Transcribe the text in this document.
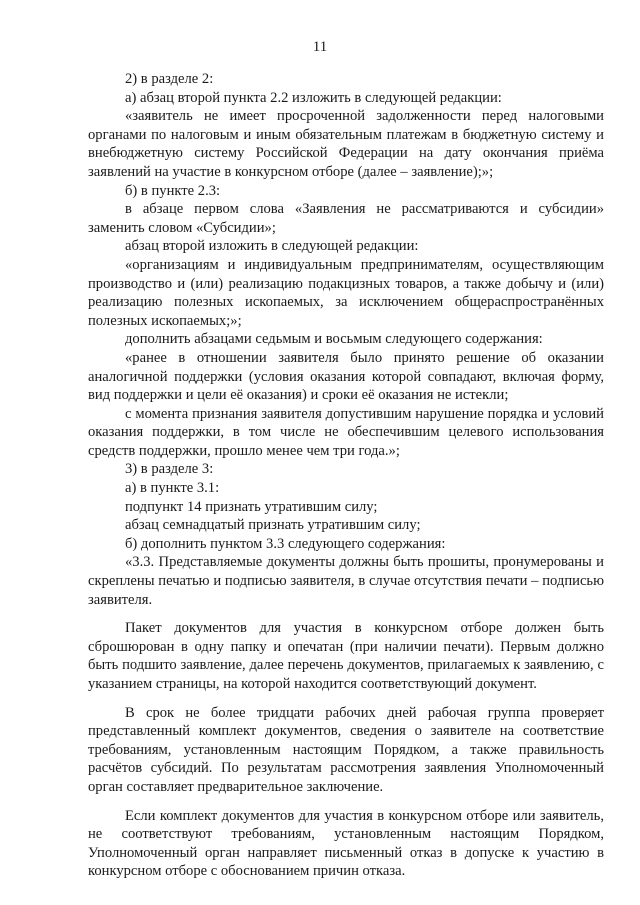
11

2) в разделе 2:

а) абзац второй пункта 2.2 изложить в следующей редакции:

«заявитель не имеет просроченной задолженности перед налоговыми органами по налоговым и иным обязательным платежам в бюджетную систему и внебюджетную систему Российской Федерации на дату окончания приёма заявлений на участие в конкурсном отборе (далее – заявление);»;

б) в пункте 2.3:

в абзаце первом слова «Заявления не рассматриваются и субсидии» заменить словом «Субсидии»;

абзац второй изложить в следующей редакции:

«организациям и индивидуальным предпринимателям, осуществляющим производство и (или) реализацию подакцизных товаров, а также добычу и (или) реализацию полезных ископаемых, за исключением общераспространённых полезных ископаемых;»;

дополнить абзацами седьмым и восьмым следующего содержания:

«ранее в отношении заявителя было принято решение об оказании аналогичной поддержки (условия оказания которой совпадают, включая форму, вид поддержки и цели её оказания) и сроки её оказания не истекли;

с момента признания заявителя допустившим нарушение порядка и условий оказания поддержки, в том числе не обеспечившим целевого использования средств поддержки, прошло менее чем три года.»;

3) в разделе 3:

а) в пункте 3.1:

подпункт 14 признать утратившим силу;

абзац семнадцатый признать утратившим силу;

б) дополнить пунктом 3.3 следующего содержания:

«3.3. Представляемые документы должны быть прошиты, пронумерованы и скреплены печатью и подписью заявителя, в случае отсутствия печати – подписью заявителя.

Пакет документов для участия в конкурсном отборе должен быть сброшюрован в одну папку и опечатан (при наличии печати). Первым должно быть подшито заявление, далее перечень документов, прилагаемых к заявлению, с указанием страницы, на которой находится соответствующий документ.

В срок не более тридцати рабочих дней рабочая группа проверяет представленный комплект документов, сведения о заявителе на соответствие требованиям, установленным настоящим Порядком, а также правильность расчётов субсидий. По результатам рассмотрения заявления Уполномоченный орган составляет предварительное заключение.

Если комплект документов для участия в конкурсном отборе или заявитель, не соответствуют требованиям, установленным настоящим Порядком, Уполномоченный орган направляет письменный отказ в допуске к участию в конкурсном отборе с обоснованием причин отказа.
